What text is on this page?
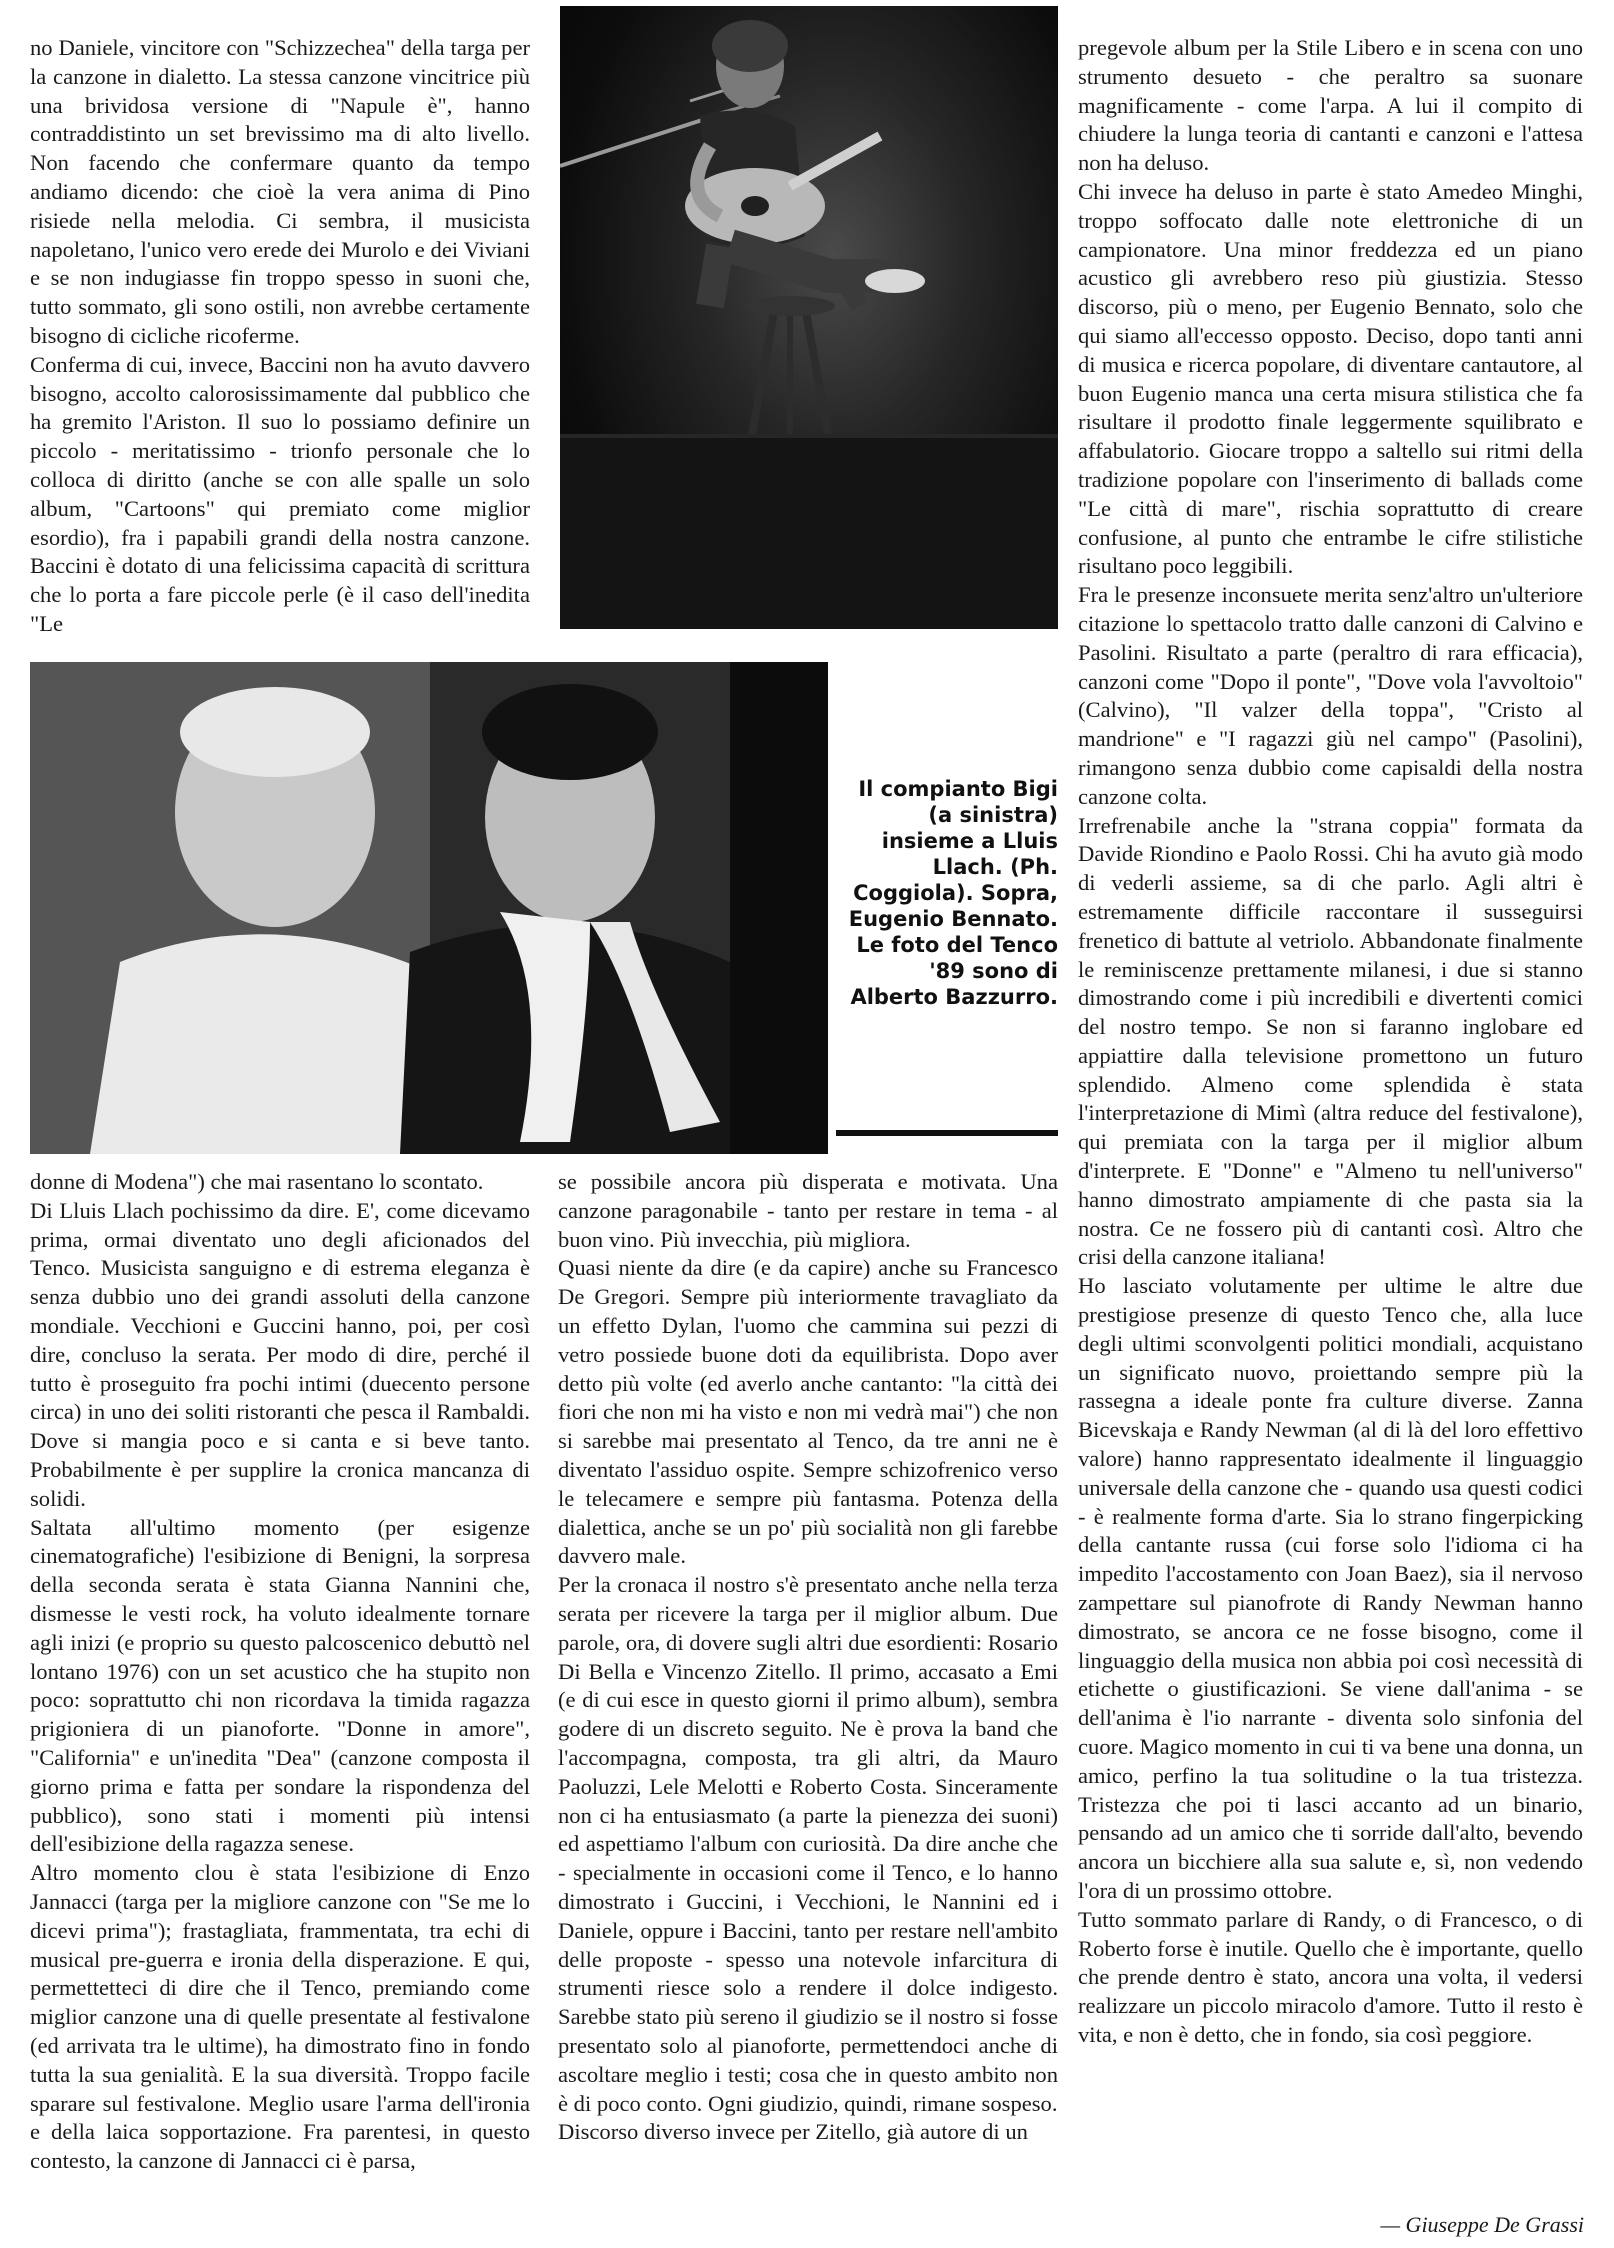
no Daniele, vincitore con "Schizzechea" della targa per la canzone in dialetto. La stessa canzone vincitrice più una brividosa versione di "Napule è", hanno contraddistinto un set brevissimo ma di alto livello. Non facendo che confermare quanto da tempo andiamo dicendo: che cioè la vera anima di Pino risiede nella melodia. Ci sembra, il musicista napoletano, l'unico vero erede dei Murolo e dei Viviani e se non indugiasse fin troppo spesso in suoni che, tutto sommato, gli sono ostili, non avrebbe certamente bisogno di cicliche ricoferme.

Conferma di cui, invece, Baccini non ha avuto davvero bisogno, accolto calorosissimamente dal pubblico che ha gremito l'Ariston. Il suo lo possiamo definire un piccolo - meritatissimo - trionfo personale che lo colloca di diritto (anche se con alle spalle un solo album, "Cartoons" qui premiato come miglior esordio), fra i papabili grandi della nostra canzone. Baccini è dotato di una felicissima capacità di scrittura che lo porta a fare piccole perle (è il caso dell'inedita "Le

Il compianto Bigi (a sinistra) insieme a Lluis Llach. (Ph. Coggiola). Sopra, Eugenio Bennato. Le foto del Tenco '89 sono di Alberto Bazzurro.

donne di Modena") che mai rasentano lo scontato.

Di Lluis Llach pochissimo da dire. E', come dicevamo prima, ormai diventato uno degli aficionados del Tenco. Musicista sanguigno e di estrema eleganza è senza dubbio uno dei grandi assoluti della canzone mondiale. Vecchioni e Guccini hanno, poi, per così dire, concluso la serata. Per modo di dire, perché il tutto è proseguito fra pochi intimi (duecento persone circa) in uno dei soliti ristoranti che pesca il Rambaldi. Dove si mangia poco e si canta e si beve tanto. Probabilmente è per supplire la cronica mancanza di solidi.

Saltata all'ultimo momento (per esigenze cinematografiche) l'esibizione di Benigni, la sorpresa della seconda serata è stata Gianna Nannini che, dismesse le vesti rock, ha voluto idealmente tornare agli inizi (e proprio su questo palcoscenico debuttò nel lontano 1976) con un set acustico che ha stupito non poco: soprattutto chi non ricordava la timida ragazza prigioniera di un pianoforte. "Donne in amore", "California" e un'inedita "Dea" (canzone composta il giorno prima e fatta per sondare la rispondenza del pubblico), sono stati i momenti più intensi dell'esibizione della ragazza senese.

Altro momento clou è stata l'esibizione di Enzo Jannacci (targa per la migliore canzone con "Se me lo dicevi prima"); frastagliata, frammentata, tra echi di musical pre-guerra e ironia della disperazione. E qui, permettetteci di dire che il Tenco, premiando come miglior canzone una di quelle presentate al festivalone (ed arrivata tra le ultime), ha dimostrato fino in fondo tutta la sua genialità. E la sua diversità. Troppo facile sparare sul festivalone. Meglio usare l'arma dell'ironia e della laica sopportazione. Fra parentesi, in questo contesto, la canzone di Jannacci ci è parsa,

se possibile ancora più disperata e motivata. Una canzone paragonabile - tanto per restare in tema - al buon vino. Più invecchia, più migliora.

Quasi niente da dire (e da capire) anche su Francesco De Gregori. Sempre più interiormente travagliato da un effetto Dylan, l'uomo che cammina sui pezzi di vetro possiede buone doti da equilibrista. Dopo aver detto più volte (ed averlo anche cantanto: "la città dei fiori che non mi ha visto e non mi vedrà mai") che non si sarebbe mai presentato al Tenco, da tre anni ne è diventato l'assiduo ospite. Sempre schizofrenico verso le telecamere e sempre più fantasma. Potenza della dialettica, anche se un po' più socialità non gli farebbe davvero male.

Per la cronaca il nostro s'è presentato anche nella terza serata per ricevere la targa per il miglior album. Due parole, ora, di dovere sugli altri due esordienti: Rosario Di Bella e Vincenzo Zitello. Il primo, accasato a Emi (e di cui esce in questo giorni il primo album), sembra godere di un discreto seguito. Ne è prova la band che l'accompagna, composta, tra gli altri, da Mauro Paoluzzi, Lele Melotti e Roberto Costa. Sinceramente non ci ha entusiasmato (a parte la pienezza dei suoni) ed aspettiamo l'album con curiosità. Da dire anche che - specialmente in occasioni come il Tenco, e lo hanno dimostrato i Guccini, i Vecchioni, le Nannini ed i Daniele, oppure i Baccini, tanto per restare nell'ambito delle proposte - spesso una notevole infarcitura di strumenti riesce solo a rendere il dolce indigesto. Sarebbe stato più sereno il giudizio se il nostro si fosse presentato solo al pianoforte, permettendoci anche di ascoltare meglio i testi; cosa che in questo ambito non è di poco conto. Ogni giudizio, quindi, rimane sospeso.

Discorso diverso invece per Zitello, già autore di un

pregevole album per la Stile Libero e in scena con uno strumento desueto - che peraltro sa suonare magnificamente - come l'arpa. A lui il compito di chiudere la lunga teoria di cantanti e canzoni e l'attesa non ha deluso.

Chi invece ha deluso in parte è stato Amedeo Minghi, troppo soffocato dalle note elettroniche di un campionatore. Una minor freddezza ed un piano acustico gli avrebbero reso più giustizia. Stesso discorso, più o meno, per Eugenio Bennato, solo che qui siamo all'eccesso opposto. Deciso, dopo tanti anni di musica e ricerca popolare, di diventare cantautore, al buon Eugenio manca una certa misura stilistica che fa risultare il prodotto finale leggermente squilibrato e affabulatorio. Giocare troppo a saltello sui ritmi della tradizione popolare con l'inserimento di ballads come "Le città di mare", rischia soprattutto di creare confusione, al punto che entrambe le cifre stilistiche risultano poco leggibili.

Fra le presenze inconsuete merita senz'altro un'ulteriore citazione lo spettacolo tratto dalle canzoni di Calvino e Pasolini. Risultato a parte (peraltro di rara efficacia), canzoni come "Dopo il ponte", "Dove vola l'avvoltoio" (Calvino), "Il valzer della toppa", "Cristo al mandrione" e "I ragazzi giù nel campo" (Pasolini), rimangono senza dubbio come capisaldi della nostra canzone colta.

Irrefrenabile anche la "strana coppia" formata da Davide Riondino e Paolo Rossi. Chi ha avuto già modo di vederli assieme, sa di che parlo. Agli altri è estremamente difficile raccontare il susseguirsi frenetico di battute al vetriolo. Abbandonate finalmente le reminiscenze prettamente milanesi, i due si stanno dimostrando come i più incredibili e divertenti comici del nostro tempo. Se non si faranno inglobare ed appiattire dalla televisione promettono un futuro splendido. Almeno come splendida è stata l'interpretazione di Mimì (altra reduce del festivalone), qui premiata con la targa per il miglior album d'interprete. E "Donne" e "Almeno tu nell'universo" hanno dimostrato ampiamente di che pasta sia la nostra. Ce ne fossero più di cantanti così. Altro che crisi della canzone italiana!

Ho lasciato volutamente per ultime le altre due prestigiose presenze di questo Tenco che, alla luce degli ultimi sconvolgenti politici mondiali, acquistano un significato nuovo, proiettando sempre più la rassegna a ideale ponte fra culture diverse. Zanna Bicevskaja e Randy Newman (al di là del loro effettivo valore) hanno rappresentato idealmente il linguaggio universale della canzone che - quando usa questi codici - è realmente forma d'arte. Sia lo strano fingerpicking della cantante russa (cui forse solo l'idioma ci ha impedito l'accostamento con Joan Baez), sia il nervoso zampettare sul pianofrote di Randy Newman hanno dimostrato, se ancora ce ne fosse bisogno, come il linguaggio della musica non abbia poi così necessità di etichette o giustificazioni. Se viene dall'anima - se dell'anima è l'io narrante - diventa solo sinfonia del cuore. Magico momento in cui ti va bene una donna, un amico, perfino la tua solitudine o la tua tristezza. Tristezza che poi ti lasci accanto ad un binario, pensando ad un amico che ti sorride dall'alto, bevendo ancora un bicchiere alla sua salute e, sì, non vedendo l'ora di un prossimo ottobre.

Tutto sommato parlare di Randy, o di Francesco, o di Roberto forse è inutile. Quello che è importante, quello che prende dentro è stato, ancora una volta, il vedersi realizzare un piccolo miracolo d'amore. Tutto il resto è vita, e non è detto, che in fondo, sia così peggiore.

— Giuseppe De Grassi
